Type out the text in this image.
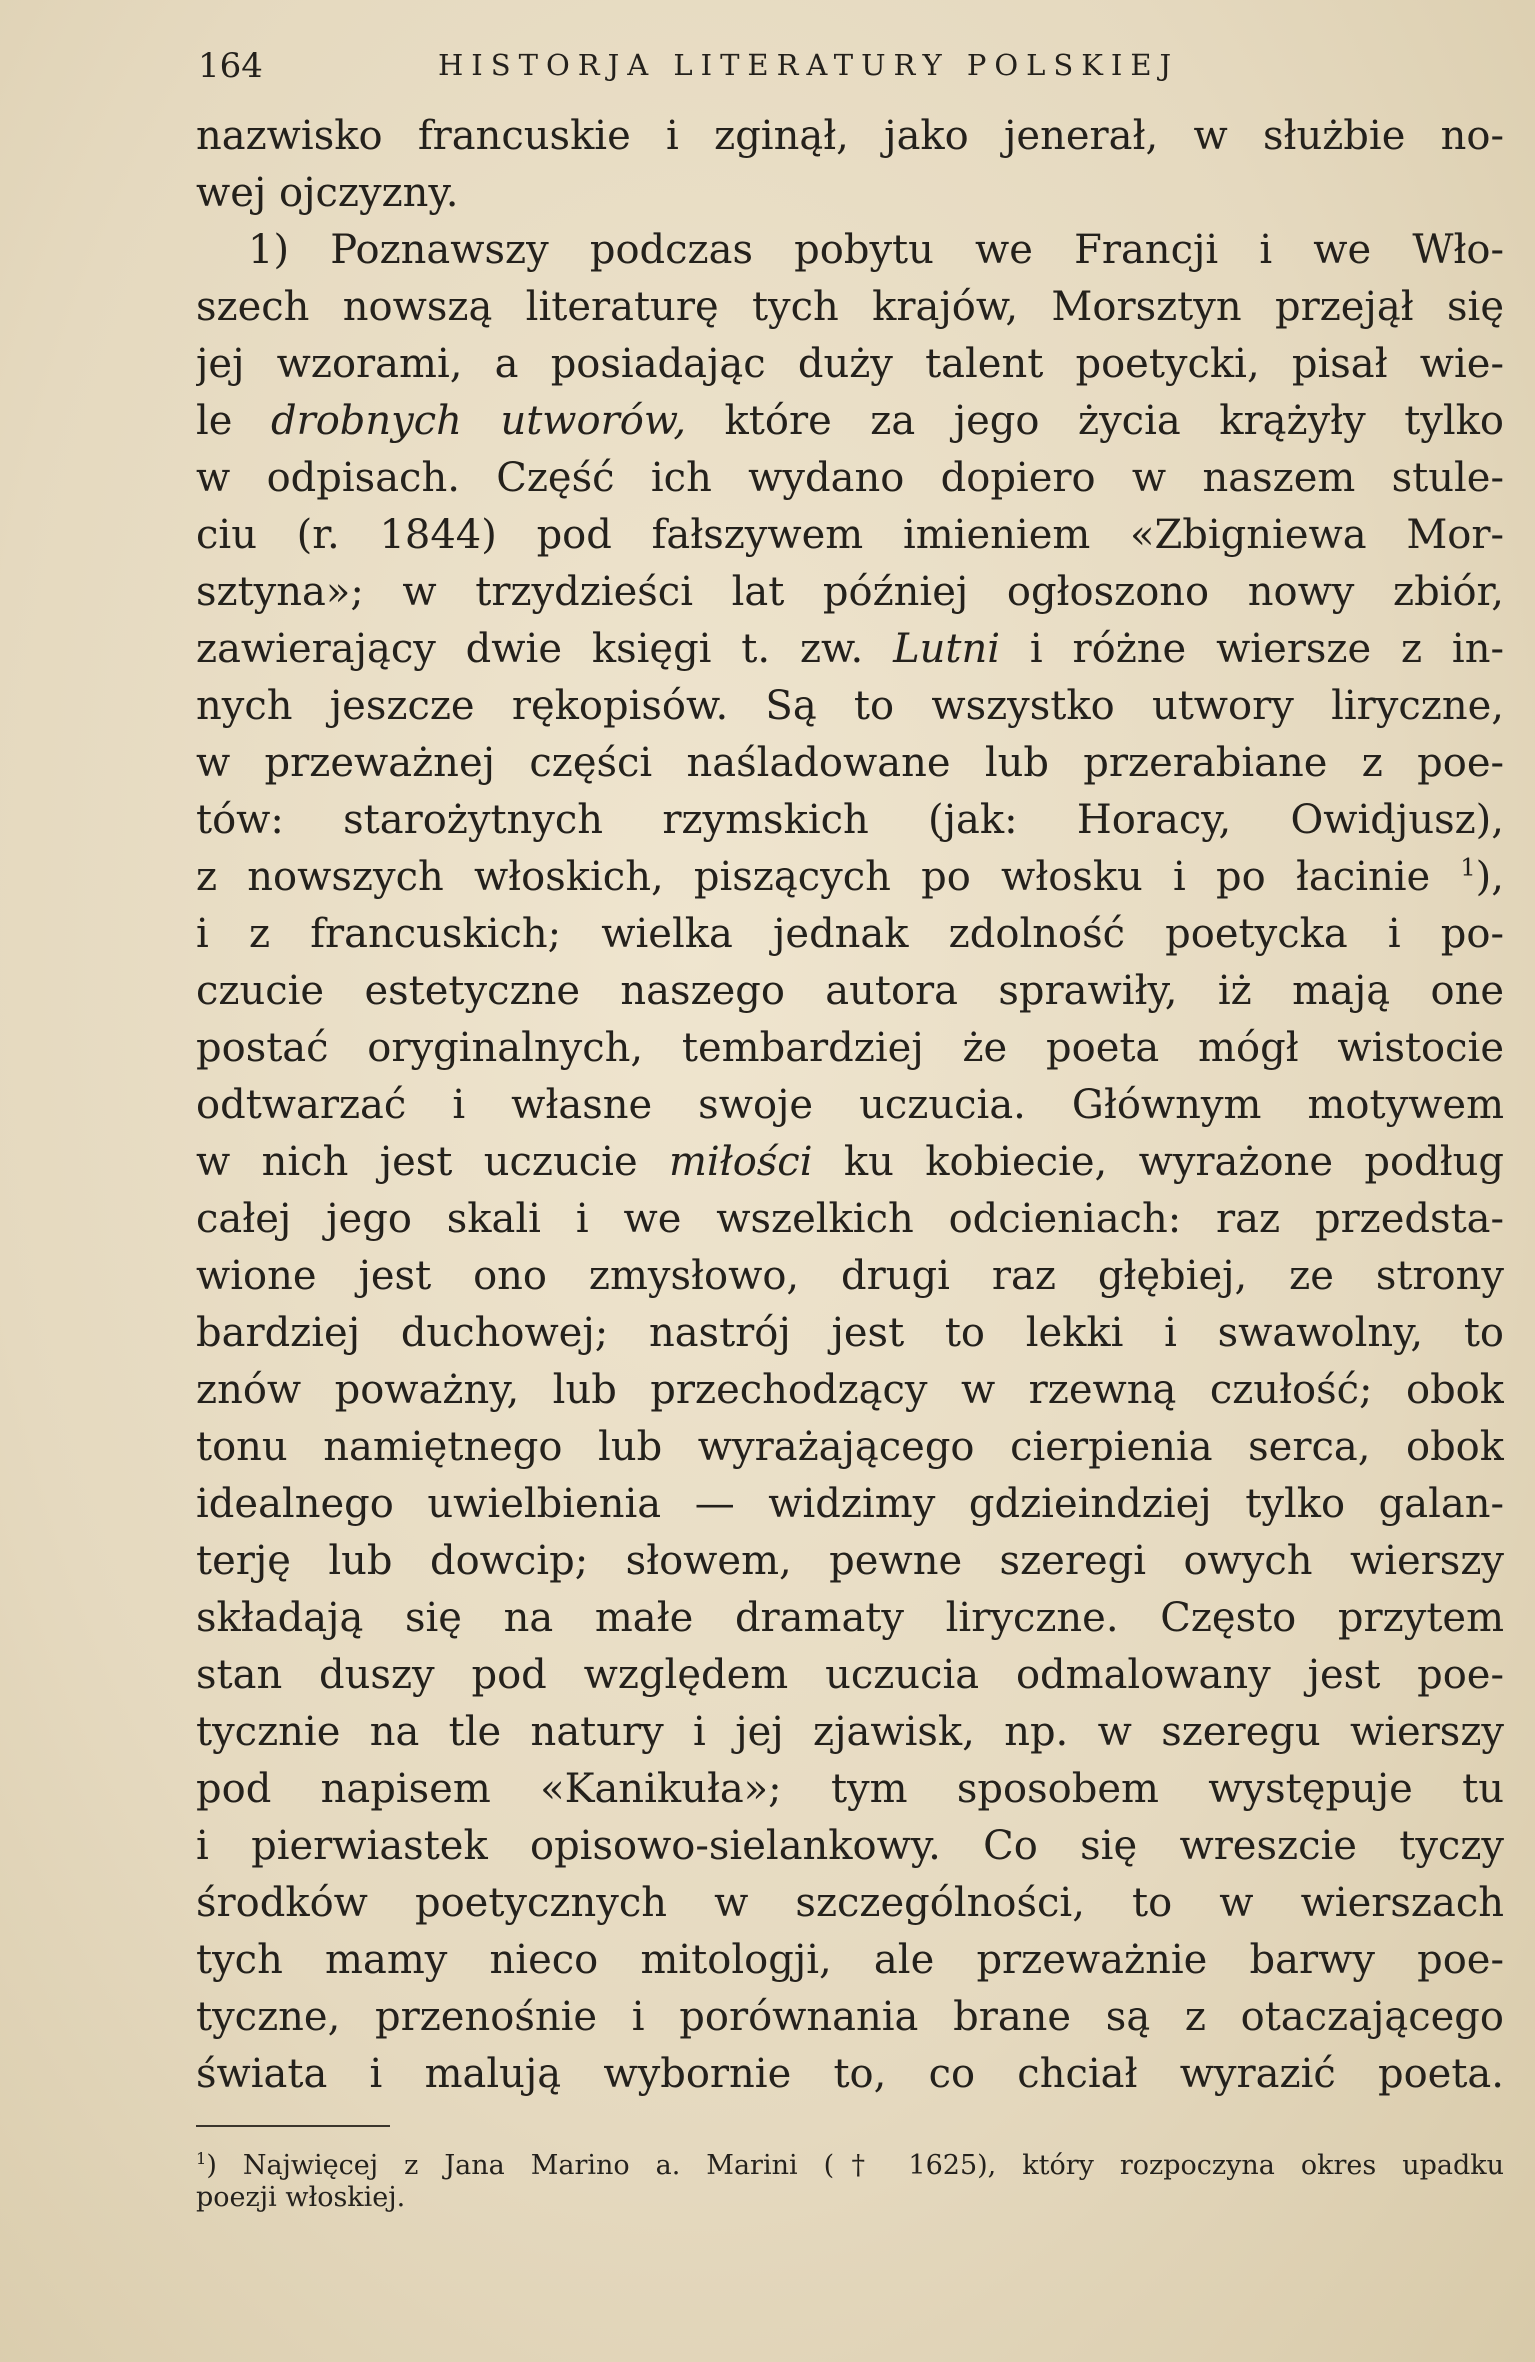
164	HISTORJA LITERATURY POLSKIEJ
nazwisko francuskie i zginął, jako jenerał, w służbie no-
wej ojczyzny.
1) Poznawszy podczas pobytu we Francji i we Wło-
szech nowszą literaturę tych krajów, Morsztyn przejął się
jej wzorami, a posiadając duży talent poetycki, pisał wie-
le drobnych utworów, które za jego życia krążyły tylko
w odpisach. Część ich wydano dopiero w naszem stule-
ciu (r. 1844) pod fałszywem imieniem «Zbigniewa Mor-
sztyna»; w trzydzieści lat później ogłoszono nowy zbiór,
zawierający dwie księgi t. zw. Lutni i różne wiersze z in-
nych jeszcze rękopisów. Są to wszystko utwory liryczne,
w przeważnej części naśladowane lub przerabiane z poe-
tów: starożytnych rzymskich (jak: Horacy, Owidjusz),
z nowszych włoskich, piszących po włosku i po łacinie $^1$),
i z francuskich; wielka jednak zdolność poetycka i po-
czucie estetyczne naszego autora sprawiły, iż mają one
postać oryginalnych, tembardziej że poeta mógł wistocie
odtwarzać i własne swoje uczucia. Głównym motywem
w nich jest uczucie miłości ku kobiecie, wyrażone podług
całej jego skali i we wszelkich odcieniach: raz przedsta-
wione jest ono zmysłowo, drugi raz głębiej, ze strony
bardziej duchowej; nastrój jest to lekki i swawolny, to
znów poważny, lub przechodzący w rzewną czułość; obok
tonu namiętnego lub wyrażającego cierpienia serca, obok
idealnego uwielbienia — widzimy gdzieindziej tylko galan-
terję lub dowcip; słowem, pewne szeregi owych wierszy
składają się na małe dramaty liryczne. Często przytem
stan duszy pod względem uczucia odmalowany jest poe-
tycznie na tle natury i jej zjawisk, np. w szeregu wierszy
pod napisem «Kanikuła»; tym sposobem występuje tu
i pierwiastek opisowo-sielankowy. Co się wreszcie tyczy
środków poetycznych w szczególności, to w wierszach
tych mamy nieco mitologji, ale przeważnie barwy poe-
tyczne, przenośnie i porównania brane są z otaczającego
świata i malują wybornie to, co chciał wyrazić poeta.
$^1$) Najwięcej z Jana Marino a. Marini († 1625), który rozpoczyna okres upadku
poezji włoskiej.
